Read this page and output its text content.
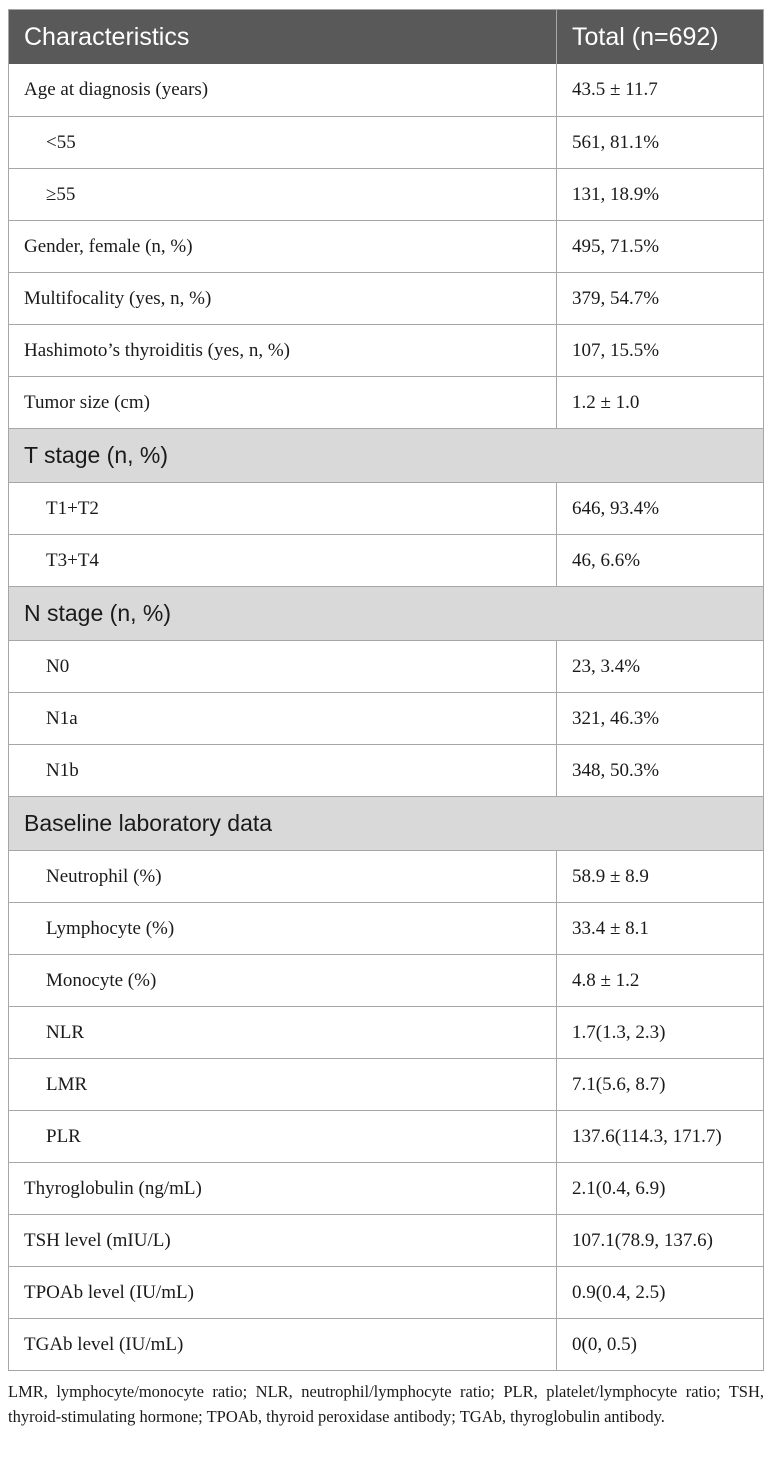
Characteristics	Total (n=692)
Age at diagnosis (years)	43.5 ± 11.7
<55	561, 81.1%
≥55	131, 18.9%
Gender, female (n, %)	495, 71.5%
Multifocality (yes, n, %)	379, 54.7%
Hashimoto’s thyroiditis (yes, n, %)	107, 15.5%
Tumor size (cm)	1.2 ± 1.0
T stage (n, %)
T1+T2	646, 93.4%
T3+T4	46, 6.6%
N stage (n, %)
N0	23, 3.4%
N1a	321, 46.3%
N1b	348, 50.3%
Baseline laboratory data
Neutrophil (%)	58.9 ± 8.9
Lymphocyte (%)	33.4 ± 8.1
Monocyte (%)	4.8 ± 1.2
NLR	1.7(1.3, 2.3)
LMR	7.1(5.6, 8.7)
PLR	137.6(114.3, 171.7)
Thyroglobulin (ng/mL)	2.1(0.4, 6.9)
TSH level (mIU/L)	107.1(78.9, 137.6)
TPOAb level (IU/mL)	0.9(0.4, 2.5)
TGAb level (IU/mL)	0(0, 0.5)
LMR, lymphocyte/monocyte ratio; NLR, neutrophil/lymphocyte ratio; PLR, platelet/lymphocyte ratio; TSH, thyroid-stimulating hormone; TPOAb, thyroid peroxidase antibody; TGAb, thyroglobulin antibody.
